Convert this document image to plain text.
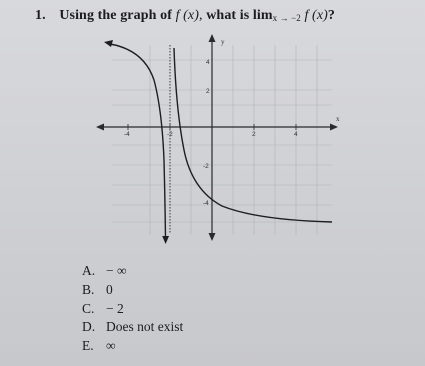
1. Using the graph of f (x), what is $\lim_{x \to -2} f$ (x)?
y
x
-4	-2	2	4
4
2
-2
-4
A. − ∞
B. 0
C. − 2
D. Does not exist
E. ∞
